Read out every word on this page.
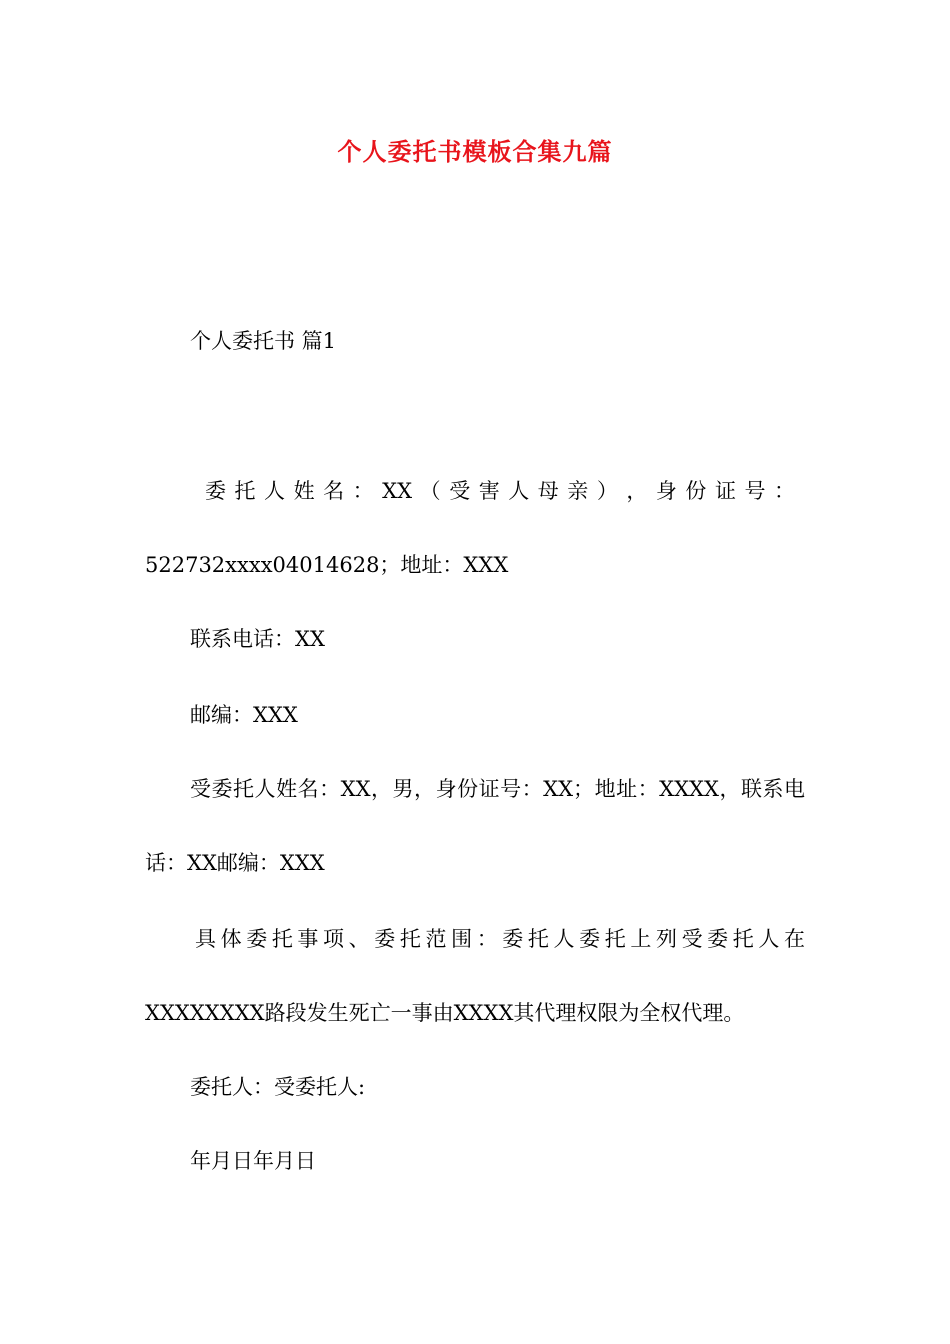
个人委托书模板合集九篇
个人委托书 篇1
委 托 人 姓 名 ： XX （ 受 害 人 母 亲 ） ， 身 份 证 号 ：
522732xxxx04014628；地址：XXX
联系电话：XX
邮编：XXX
受委托人姓名：XX，男，身份证号：XX；地址：XXXX，联系电
话：XX邮编：XXX
具体委托事项、委托范围：委托人委托上列受委托人在
XXXXXXXX路段发生死亡一事由XXXX其代理权限为全权代理。
委托人：受委托人:
年月日年月日
